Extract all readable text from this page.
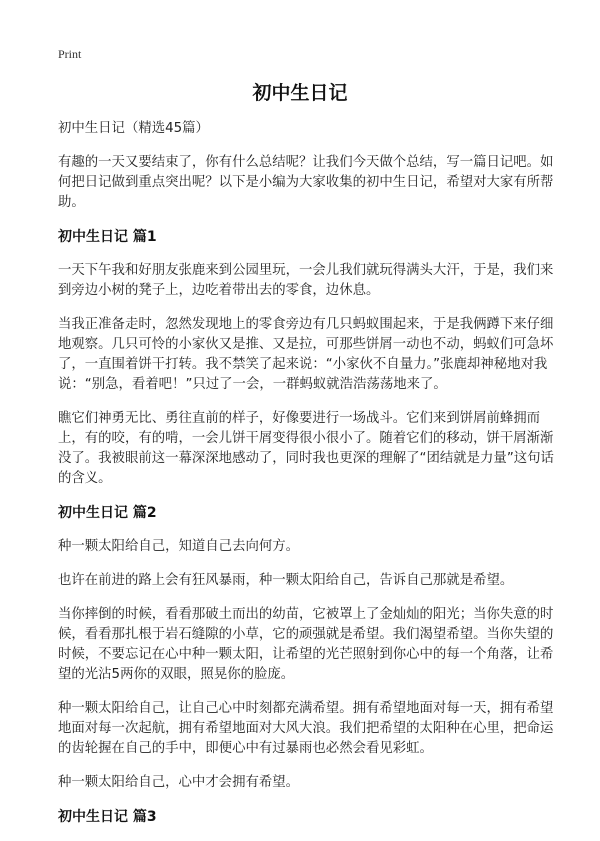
Print
初中生日记

初中生日记（精选45篇）

有趣的一天又要结束了，你有什么总结呢？让我们今天做个总结，写一篇日记吧。如何把日记做到重点突出呢？以下是小编为大家收集的初中生日记，希望对大家有所帮助。

初中生日记 篇1

一天下午我和好朋友张鹿来到公园里玩，一会儿我们就玩得满头大汗，于是，我们来到旁边小树的凳子上，边吃着带出去的零食，边休息。

当我正准备走时，忽然发现地上的零食旁边有几只蚂蚁围起来，于是我俩蹲下来仔细地观察。几只可怜的小家伙又是推、又是拉，可那些饼屑一动也不动，蚂蚁们可急坏了，一直围着饼干打转。我不禁笑了起来说：“小家伙不自量力。”张鹿却神秘地对我说：“别急，看着吧！”只过了一会，一群蚂蚁就浩浩荡荡地来了。

瞧它们神勇无比、勇往直前的样子，好像要进行一场战斗。它们来到饼屑前蜂拥而上，有的咬，有的啃，一会儿饼干屑变得很小很小了。随着它们的移动，饼干屑渐渐没了。我被眼前这一幕深深地感动了，同时我也更深的理解了“团结就是力量”这句话的含义。

初中生日记 篇2

种一颗太阳给自己，知道自己去向何方。

也许在前进的路上会有狂风暴雨，种一颗太阳给自己，告诉自己那就是希望。

当你摔倒的时候，看看那破土而出的幼苗，它被罩上了金灿灿的阳光；当你失意的时候，看看那扎根于岩石缝隙的小草，它的顽强就是希望。我们渴望希望。当你失望的时候，不要忘记在心中种一颗太阳，让希望的光芒照射到你心中的每一个角落，让希望的光沾5两你的双眼，照晃你的脸庞。

种一颗太阳给自己，让自己心中时刻都充满希望。拥有希望地面对每一天，拥有希望地面对每一次起航，拥有希望地面对大风大浪。我们把希望的太阳种在心里，把命运的齿轮握在自己的手中，即便心中有过暴雨也必然会看见彩虹。

种一颗太阳给自己，心中才会拥有希望。

初中生日记 篇3
